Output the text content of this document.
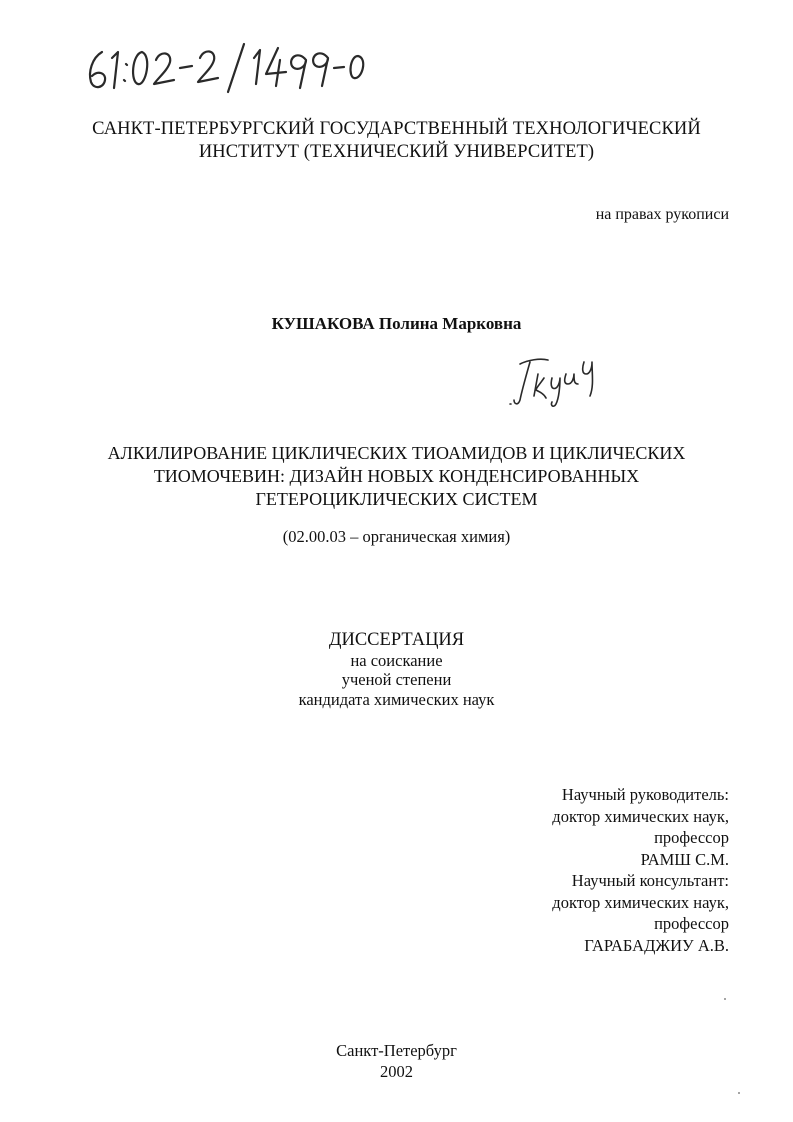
САНКТ-ПЕТЕРБУРГСКИЙ ГОСУДАРСТВЕННЫЙ ТЕХНОЛОГИЧЕСКИЙ
ИНСТИТУТ (ТЕХНИЧЕСКИЙ УНИВЕРСИТЕТ)
на правах рукописи
КУШАКОВА Полина Марковна
АЛКИЛИРОВАНИЕ ЦИКЛИЧЕСКИХ ТИОАМИДОВ И ЦИКЛИЧЕСКИХ
ТИОМОЧЕВИН: ДИЗАЙН НОВЫХ КОНДЕНСИРОВАННЫХ
ГЕТЕРОЦИКЛИЧЕСКИХ СИСТЕМ
(02.00.03 – органическая химия)
ДИССЕРТАЦИЯ
на соискание
ученой степени
кандидата химических наук
Научный руководитель:
доктор химических наук,
профессор
РАМШ С.М.
Научный консультант:
доктор химических наук,
профессор
ГАРАБАДЖИУ А.В.
Санкт-Петербург
2002
